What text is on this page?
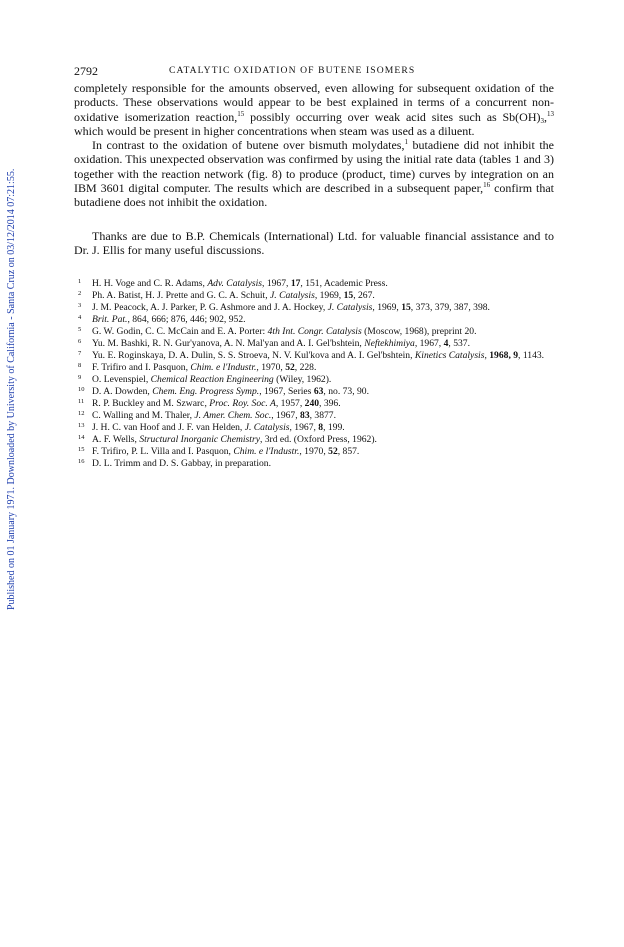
Published on 01 January 1971. Downloaded by University of California - Santa Cruz on 03/12/2014 07:21:55.
2792	CATALYTIC OXIDATION OF BUTENE ISOMERS

completely responsible for the amounts observed, even allowing for subsequent oxidation of the products. These observations would appear to be best explained in terms of a concurrent non-oxidative isomerization reaction,$^{15}$ possibly occurring over weak acid sites such as $Sb(OH)_3,^{13}$ which would be present in higher concentrations when steam was used as a diluent.

In contrast to the oxidation of butene over bismuth molydates,$^1$ butadiene did not inhibit the oxidation. This unexpected observation was confirmed by using the initial rate data (tables 1 and 3) together with the reaction network (fig. 8) to produce (product, time) curves by integration on an IBM 3601 digital computer. The results which are described in a subsequent paper,$^{16}$ confirm that butadiene does not inhibit the oxidation.

Thanks are due to B.P. Chemicals (International) Ltd. for valuable financial assistance and to Dr. J. Ellis for many useful discussions.

1 H. H. Voge and C. R. Adams, Adv. Catalysis, 1967, 17, 151, Academic Press.
2 Ph. A. Batist, H. J. Prette and G. C. A. Schuit, J. Catalysis, 1969, 15, 267.
3 J. M. Peacock, A. J. Parker, P. G. Ashmore and J. A. Hockey, J. Catalysis, 1969, 15, 373, 379, 387, 398.
4 Brit. Pat., 864, 666; 876, 446; 902, 952.
5 G. W. Godin, C. C. McCain and E. A. Porter: 4th Int. Congr. Catalysis (Moscow, 1968), preprint 20.
6 Yu. M. Bashki, R. N. Gur'yanova, A. N. Mal'yan and A. I. Gel'bshtein, Neftekhimiya, 1967, 4, 537.
7 Yu. E. Roginskaya, D. A. Dulin, S. S. Stroeva, N. V. Kul'kova and A. I. Gel'bshtein, Kinetics Catalysis, 1968, 9, 1143.
8 F. Trifiro and I. Pasquon, Chim. e l'Industr., 1970, 52, 228.
9 O. Levenspiel, Chemical Reaction Engineering (Wiley, 1962).
10 D. A. Dowden, Chem. Eng. Progress Symp., 1967, Series 63, no. 73, 90.
11 R. P. Buckley and M. Szwarc, Proc. Roy. Soc. A, 1957, 240, 396.
12 C. Walling and M. Thaler, J. Amer. Chem. Soc., 1967, 83, 3877.
13 J. H. C. van Hoof and J. F. van Helden, J. Catalysis, 1967, 8, 199.
14 A. F. Wells, Structural Inorganic Chemistry, 3rd ed. (Oxford Press, 1962).
15 F. Trifiro, P. L. Villa and I. Pasquon, Chim. e l'Industr., 1970, 52, 857.
16 D. L. Trimm and D. S. Gabbay, in preparation.
